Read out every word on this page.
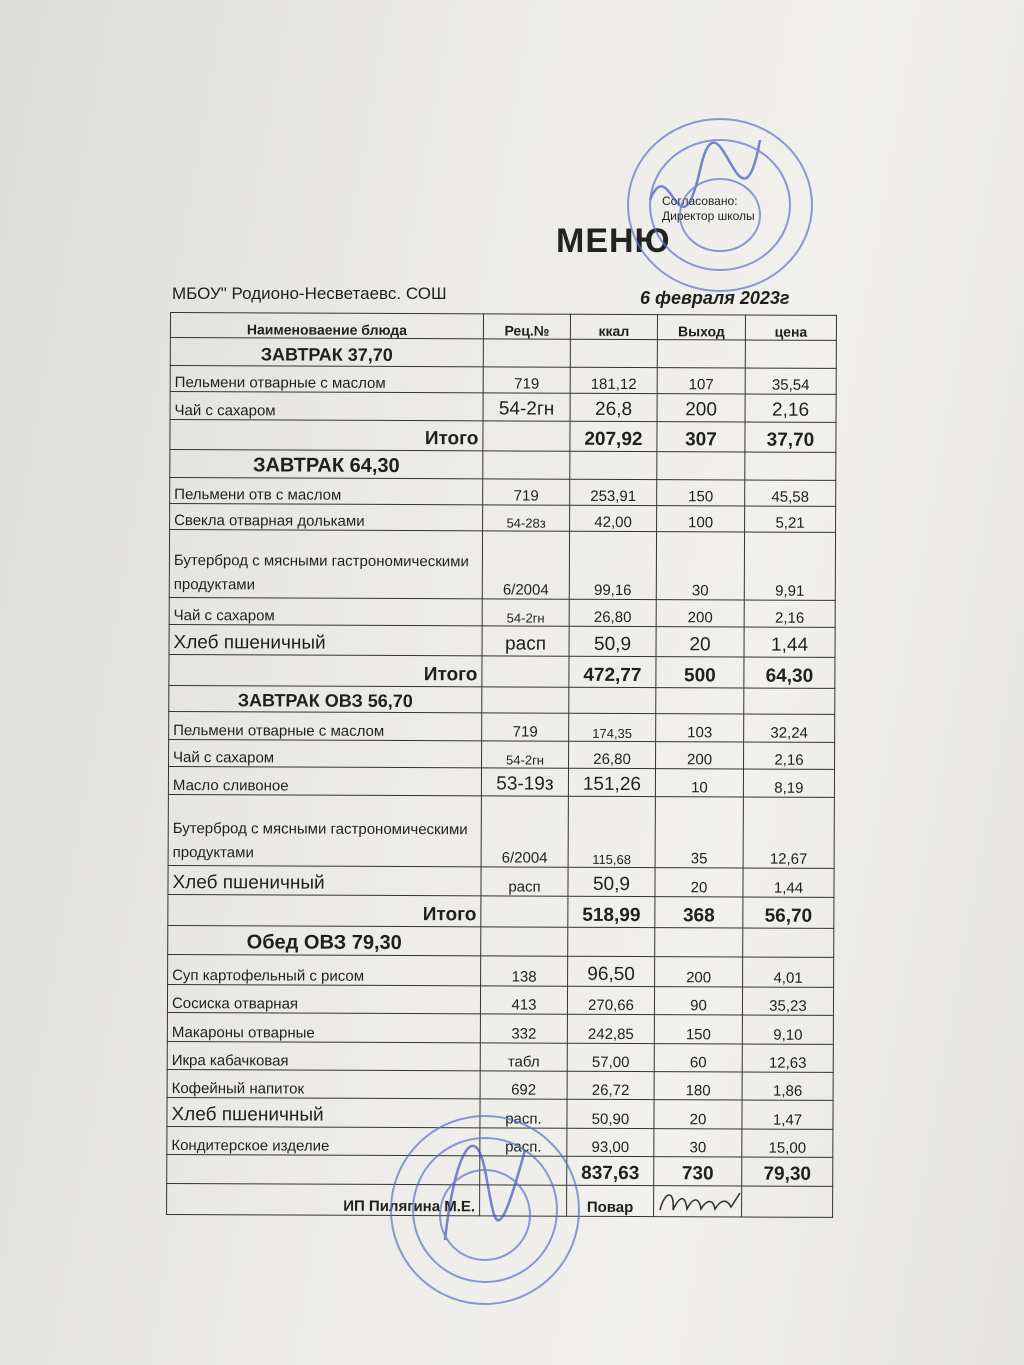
Согласовано:
Директор школы
МЕНЮ
МБОУ" Родионо-Несветаевс. СОШ	6 февраля 2023г
Наименоваение блюда	Рец.№	ккал	Выход	цена
ЗАВТРАК 37,70				
Пельмени отварные с маслом	719	181,12	107	35,54
Чай с сахаром	54-2гн	26,8	200	2,16
Итого		207,92	307	37,70
ЗАВТРАК 64,30				
Пельмени отв с маслом	719	253,91	150	45,58
Свекла отварная дольками	54-28з	42,00	100	5,21
Бутерброд с мясными гастрономическими продуктами	6/2004	99,16	30	9,91
Чай с сахаром	54-2гн	26,80	200	2,16
Хлеб пшеничный	расп	50,9	20	1,44
Итого		472,77	500	64,30
ЗАВТРАК ОВЗ 56,70				
Пельмени отварные с маслом	719	174,35	103	32,24
Чай с сахаром	54-2гн	26,80	200	2,16
Масло сливоное	53-19з	151,26	10	8,19
Бутерброд с мясными гастрономическими продуктами	6/2004	115,68	35	12,67
Хлеб пшеничный	расп	50,9	20	1,44
Итого		518,99	368	56,70
Обед ОВЗ 79,30				
Суп картофельный с рисом	138	96,50	200	4,01
Сосиска отварная	413	270,66	90	35,23
Макароны отварные	332	242,85	150	9,10
Икра кабачковая	табл	57,00	60	12,63
Кофейный напиток	692	26,72	180	1,86
Хлеб пшеничный	расп.	50,90	20	1,47
Кондитерское изделие	расп.	93,00	30	15,00
		837,63	730	79,30
ИП Пилягина М.Е.		Повар		
